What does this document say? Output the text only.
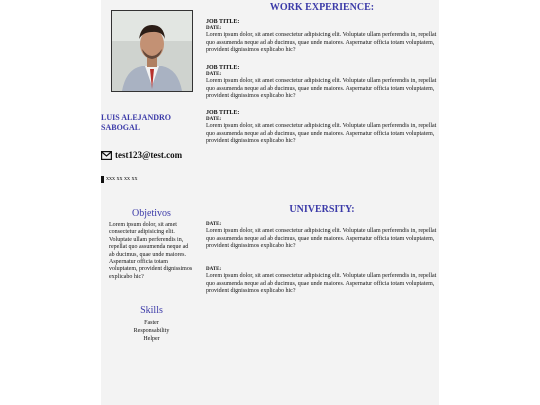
LUIS ALEJANDRO SABOGAL
test123@test.com
xxx xx xx xx
Objetivos
Lorem ipsum dolor, sit amet consectetur adipisicing elit. Voluptate ullam perferendis in, repellat quo assumenda neque ad ab ducimus, quae unde maiores. Aspernatur officia totam voluptatem, provident dignissimos explicabo hic?
Skills
Faster
Responsability
Helper
WORK EXPERIENCE:
JOB TITLE:
DATE:
Lorem ipsum dolor, sit amet consectetur adipisicing elit. Voluptate ullam perferendis in, repellat quo assumenda neque ad ab ducimus, quae unde maiores. Aspernatur officia totam voluptatem, provident dignissimos explicabo hic?
JOB TITLE:
DATE:
Lorem ipsum dolor, sit amet consectetur adipisicing elit. Voluptate ullam perferendis in, repellat quo assumenda neque ad ab ducimus, quae unde maiores. Aspernatur officia totam voluptatem, provident dignissimos explicabo hic?
JOB TITLE:
DATE:
Lorem ipsum dolor, sit amet consectetur adipisicing elit. Voluptate ullam perferendis in, repellat quo assumenda neque ad ab ducimus, quae unde maiores. Aspernatur officia totam voluptatem, provident dignissimos explicabo hic?
UNIVERSITY:
DATE:
Lorem ipsum dolor, sit amet consectetur adipisicing elit. Voluptate ullam perferendis in, repellat quo assumenda neque ad ab ducimus, quae unde maiores. Aspernatur officia totam voluptatem, provident dignissimos explicabo hic?
DATE:
Lorem ipsum dolor, sit amet consectetur adipisicing elit. Voluptate ullam perferendis in, repellat quo assumenda neque ad ab ducimus, quae unde maiores. Aspernatur officia totam voluptatem, provident dignissimos explicabo hic?
